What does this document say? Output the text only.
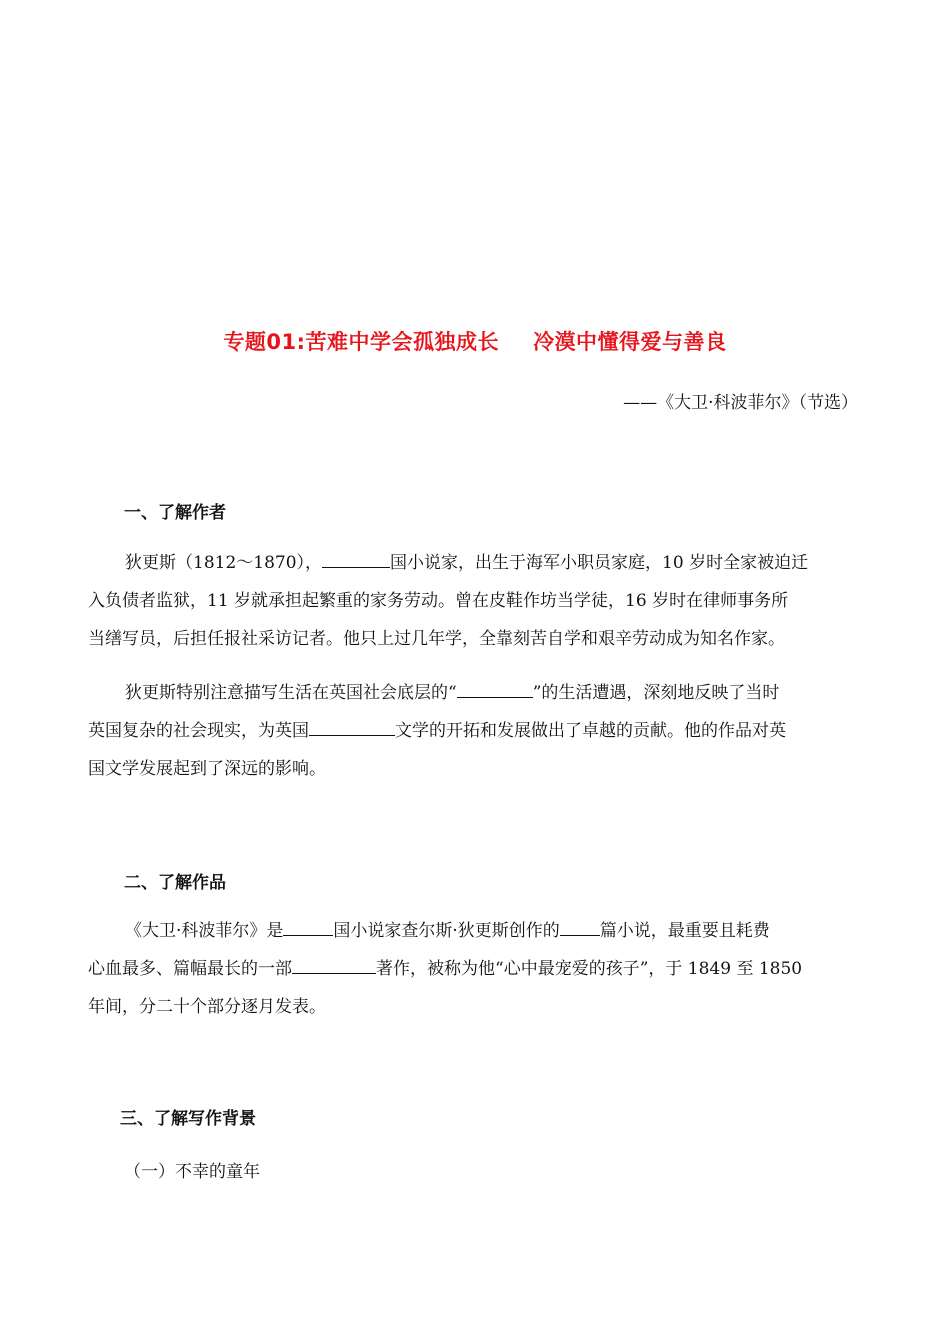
专题01:苦难中学会孤独成长 冷漠中懂得爱与善良
——《大卫·科波菲尔》（节选）
一、了解作者
狄更斯（1812～1870），	国小说家，出生于海军小职员家庭，10 岁时全家被迫迁
入负债者监狱，11 岁就承担起繁重的家务劳动。曾在皮鞋作坊当学徒，16 岁时在律师事务所
当缮写员，后担任报社采访记者。他只上过几年学，全靠刻苦自学和艰辛劳动成为知名作家。
狄更斯特别注意描写生活在英国社会底层的“	”的生活遭遇，深刻地反映了当时
英国复杂的社会现实，为英国	文学的开拓和发展做出了卓越的贡献。他的作品对英
国文学发展起到了深远的影响。
二、了解作品
《大卫·科波菲尔》是	国小说家查尔斯·狄更斯创作的 篇小说，最重要且耗费
心血最多、篇幅最长的一部	著作，被称为他“心中最宠爱的孩子”，于 1849 至 1850
年间，分二十个部分逐月发表。
三、了解写作背景
（一）不幸的童年
